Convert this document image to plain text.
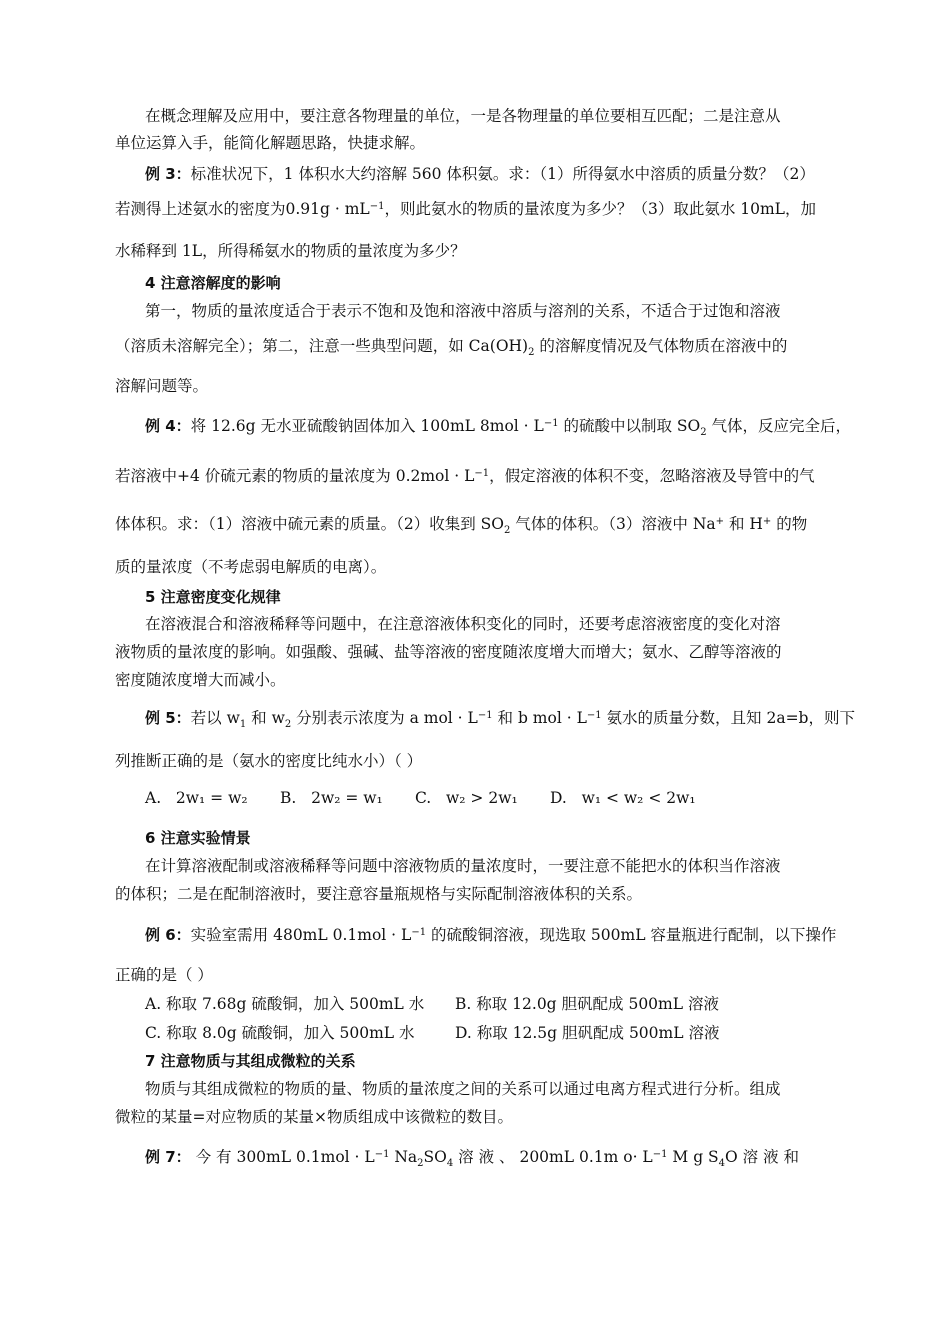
在概念理解及应用中，要注意各物理量的单位，一是各物理量的单位要相互匹配；二是注意从
单位运算入手，能简化解题思路，快捷求解。
例 3：标准状况下，1 体积水大约溶解 560 体积氨。求：（1）所得氨水中溶质的质量分数？（2）
若测得上述氨水的密度为$0.91g \cdot mL^{-1}$，则此氨水的物质的量浓度为多少？（3）取此氨水 10mL，加
水稀释到 1L，所得稀氨水的物质的量浓度为多少？
4 注意溶解度的影响
第一，物质的量浓度适合于表示不饱和及饱和溶液中溶质与溶剂的关系，不适合于过饱和溶液
（溶质未溶解完全）；第二，注意一些典型问题，如 $Ca(OH)_2$ 的溶解度情况及气体物质在溶液中的
溶解问题等。
例 4：将 12.6g 无水亚硫酸钠固体加入 100mL $8mol \cdot L^{-1}$ 的硫酸中以制取 $SO_2$ 气体，反应完全后，
若溶液中+4 价硫元素的物质的量浓度为 $0.2mol \cdot L^{-1}$，假定溶液的体积不变，忽略溶液及导管中的气
体体积。求：（1）溶液中硫元素的质量。（2）收集到 $SO_2$ 气体的体积。（3）溶液中 Na+ 和 H+ 的物
质的量浓度（不考虑弱电解质的电离）。
5 注意密度变化规律
在溶液混合和溶液稀释等问题中，在注意溶液体积变化的同时，还要考虑溶液密度的变化对溶
液物质的量浓度的影响。如强酸、强碱、盐等溶液的密度随浓度增大而增大；氨水、乙醇等溶液的
密度随浓度增大而减小。
例 5：若以 $w_1$ 和 $w_2$ 分别表示浓度为 a mol · $L^{-1}$ 和 b mol · $L^{-1}$ 氨水的质量分数，且知 2a=b，则下
列推断正确的是（氨水的密度比纯水小）（ ）
A. 2w₁ = w₂ B. 2w₂ = w₁ C. w₂ > 2w₁ D. w₁ < w₂ < 2w₁
6 注意实验情景
在计算溶液配制或溶液稀释等问题中溶液物质的量浓度时，一要注意不能把水的体积当作溶液
的体积；二是在配制溶液时，要注意容量瓶规格与实际配制溶液体积的关系。
例 6：实验室需用 480mL $0.1mol \cdot L^{-1}$ 的硫酸铜溶液，现选取 500mL 容量瓶进行配制，以下操作
正确的是（ ）
A. 称取 7.68g 硫酸铜，加入 500mL 水 B. 称取 12.0g 胆矾配成 500mL 溶液
C. 称取 8.0g 硫酸铜，加入 500mL 水	D. 称取 12.5g 胆矾配成 500mL 溶液
7 注意物质与其组成微粒的关系
物质与其组成微粒的物质的量、物质的量浓度之间的关系可以通过电离方程式进行分析。组成
微粒的某量=对应物质的某量×物质组成中该微粒的数目。
例 7： 今 有 300mL $0.1mol \cdot L^{-1}$ $Na_2SO_4$ 溶 液 、 200mL 0.1m $o\cdot L^{-1}$ M g $S_4O$ 溶 液 和
